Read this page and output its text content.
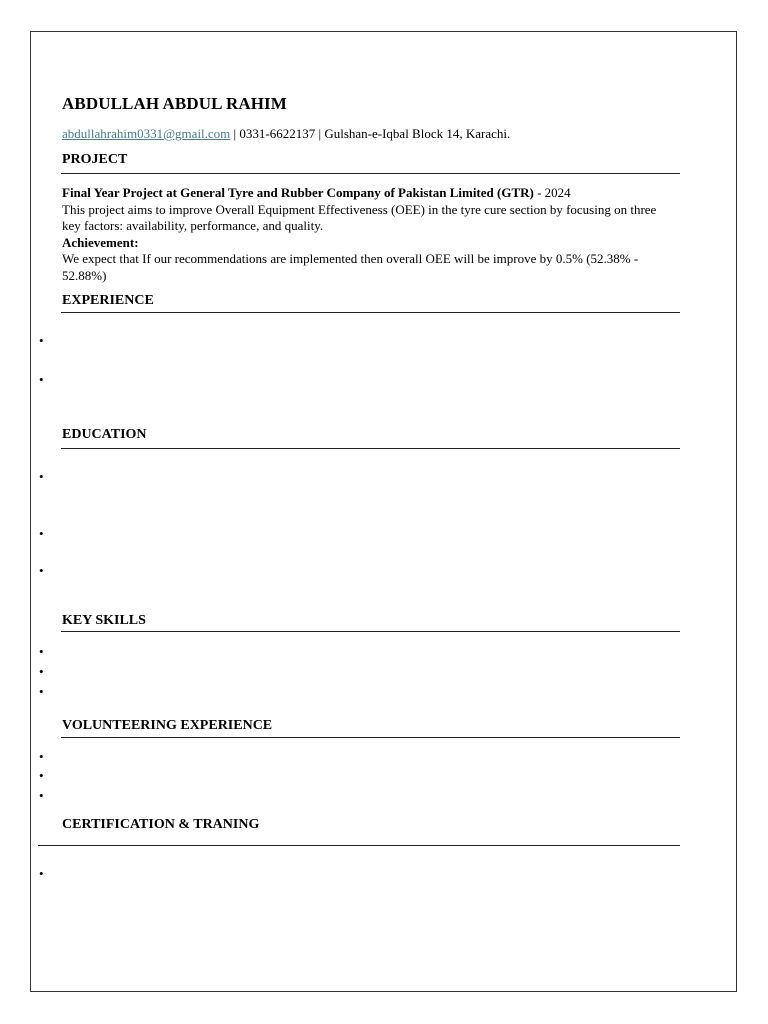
ABDULLAH ABDUL RAHIM
abdullahrahim0331@gmail.com | 0331-6622137 | Gulshan-e-Iqbal Block 14, Karachi.
PROJECT
Final Year Project at General Tyre and Rubber Company of Pakistan Limited (GTR) - 2024
This project aims to improve Overall Equipment Effectiveness (OEE) in the tyre cure section by focusing on three key factors: availability, performance, and quality.
Achievement:
We expect that If our recommendations are implemented then overall OEE will be improve by 0.5% (52.38% - 52.88%)
EXPERIENCE
•
•
EDUCATION
•
•
•
KEY SKILLS
•
•
•
VOLUNTEERING EXPERIENCE
•
•
•
CERTIFICATION & TRANING
•
